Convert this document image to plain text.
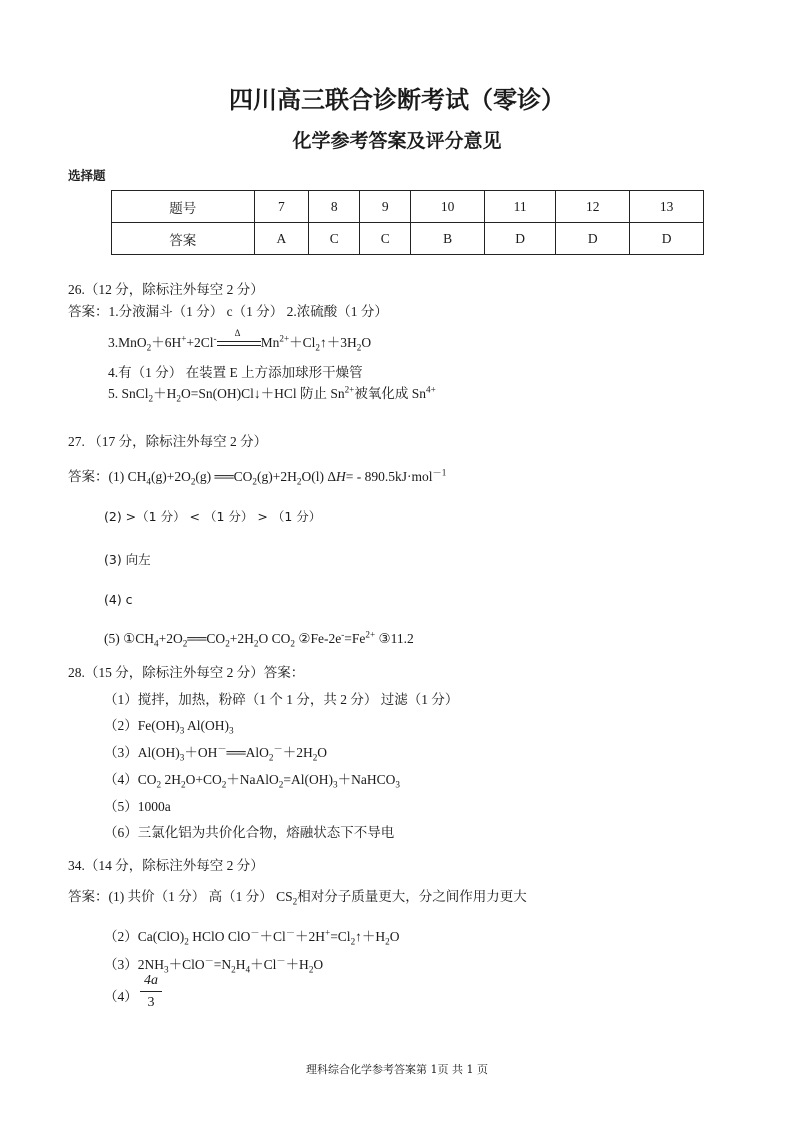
四川高三联合诊断考试（零诊）
化学参考答案及评分意见
选择题
题号	7	8	9	10	11	12	13
答案	A	C	C	B	D	D	D
26.（12 分，除标注外每空 2 分）
答案：1.分液漏斗（1 分） c（1 分） 2.浓硫酸（1 分）
3.MnO$_2$＋6H++2Cl-
Δ
$Mn^{2+}+Cl_2↑+3H_2O$
4.有（1 分） 在装置 E 上方添加球形干燥管
5. $SnCl_2+H_2O=Sn(OH)Cl↓+HCl$ 防止 $Sn^{2+}$被氧化成 $Sn^{4+}$
27. （17 分，除标注外每空 2 分）
答案：(1) $CH_4(g)+2O_2(g)$ $══CO_2(g)+2H_2O(l)$ ΔH= - 890.5kJ·mol$^{-1}$
(2) >（1 分） < （1 分） > （1 分）
(3) 向左
(4) c
(5) $①CH_4+2O_2══CO_2+2H_2O$ $CO_2$ ②Fe-$2e^-=Fe^{2+}$ ③11.2
28.（15 分，除标注外每空 2 分）答案：
（1）搅拌，加热，粉碎（1 个 1 分，共 2 分） 过滤（1 分）
$(2)Fe(OH)_3$ $Al(OH)_3$
$(3)Al(OH)_3+OH^-══AlO_2^-+2H_2O$
$(4)CO_2$ $2H_2O+CO_2+NaAlO_2=Al(OH)_3+NaHCO_3$
（5）1000a
（6）三氯化铝为共价化合物，熔融状态下不导电
34.（14 分，除标注外每空 2 分）
答案：(1) 共价（1 分） 高（1 分） $CS_2$相对分子质量更大，分之间作用力更大
$(2)Ca(ClO)_2$ HClO $ClO^-+Cl^-+2H^+=Cl_2↑+H_2O$
$(3)2NH_3+ClO^-=N_2H_4+Cl^-+H_2O$
$(4) \frac{4a}{3}$
理科综合化学参考答案第 1页 共 1 页
